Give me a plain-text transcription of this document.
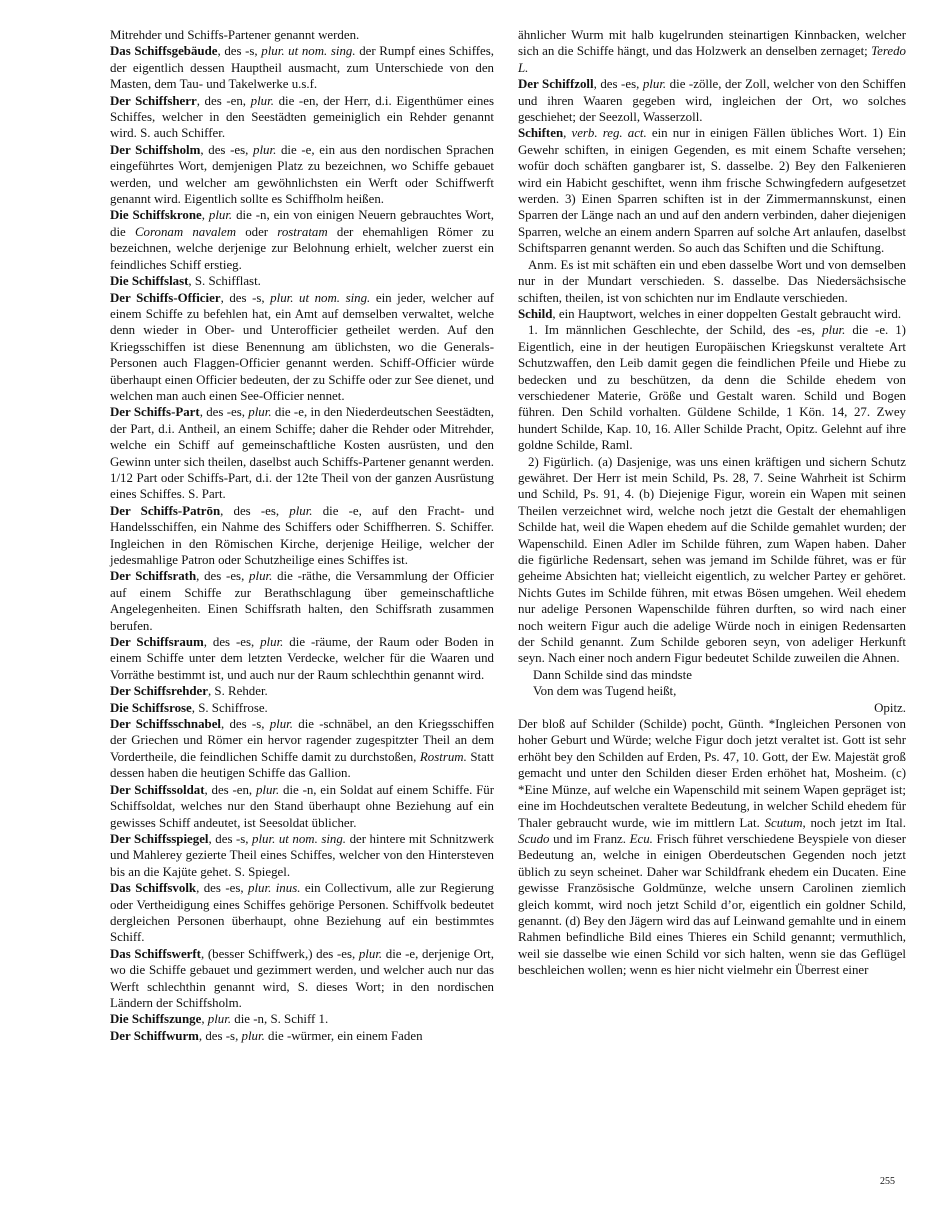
Mitrehder und Schiffs-Partener genannt werden.

Das Schiffsgebäude, des -s, plur. ut nom. sing. der Rumpf eines Schiffes, der eigentlich dessen Hauptheil ausmacht, zum Unterschiede von den Masten, dem Tau- und Takelwerke u.s.f.

Der Schiffsherr, des -en, plur. die -en, der Herr, d.i. Eigenthümer eines Schiffes, welcher in den Seestädten gemeiniglich ein Rehder genannt wird. S. auch Schiffer.

Der Schiffsholm, des -es, plur. die -e, ein aus den nordischen Sprachen eingeführtes Wort, demjenigen Platz zu bezeichnen, wo Schiffe gebauet werden, und welcher am gewöhnlichsten ein Werft oder Schiffwerft genannt wird. Eigentlich sollte es Schiffholm heißen.

Die Schiffskrone, plur. die -n, ein von einigen Neuern gebrauchtes Wort, die Coronam navalem oder rostratam der ehemahligen Römer zu bezeichnen, welche derjenige zur Belohnung erhielt, welcher zuerst ein feindliches Schiff erstieg.

Die Schiffslast, S. Schifflast.

Der Schiffs-Officier, des -s, plur. ut nom. sing. ein jeder, welcher auf einem Schiffe zu befehlen hat, ein Amt auf demselben verwaltet, welche denn wieder in Ober- und Unterofficier getheilet werden. Auf den Kriegsschiffen ist diese Benennung am üblichsten, wo die Generals-Personen auch Flaggen-Officier genannt werden. Schiff-Officier würde überhaupt einen Officier bedeuten, der zu Schiffe oder zur See dienet, und welchen man auch einen See-Officier nennet.

Der Schiffs-Part, des -es, plur. die -e, in den Niederdeutschen Seestädten, der Part, d.i. Antheil, an einem Schiffe; daher die Rehder oder Mitrehder, welche ein Schiff auf gemeinschaftliche Kosten ausrüsten, und den Gewinn unter sich theilen, daselbst auch Schiffs-Partener genannt werden. 1/12 Part oder Schiffs-Part, d.i. der 12te Theil von der ganzen Ausrüstung eines Schiffes. S. Part.

Der Schiffs-Patrōn, des -es, plur. die -e, auf den Fracht- und Handelsschiffen, ein Nahme des Schiffers oder Schiffherren. S. Schiffer. Ingleichen in den Römischen Kirche, derjenige Heilige, welcher der jedesmahlige Patron oder Schutzheilige eines Schiffes ist.

Der Schiffsrath, des -es, plur. die -räthe, die Versammlung der Officier auf einem Schiffe zur Berathschlagung über gemeinschaftliche Angelegenheiten. Einen Schiffsrath halten, den Schiffsrath zusammen berufen.

Der Schiffsraum, des -es, plur. die -räume, der Raum oder Boden in einem Schiffe unter dem letzten Verdecke, welcher für die Waaren und Vorräthe bestimmt ist, und auch nur der Raum schlechthin genannt wird.

Der Schiffsrehder, S. Rehder.

Die Schiffsrose, S. Schiffrose.

Der Schiffsschnabel, des -s, plur. die -schnäbel, an den Kriegsschiffen der Griechen und Römer ein hervor ragender zugespitzter Theil an dem Vordertheile, die feindlichen Schiffe damit zu durchstoßen, Rostrum. Statt dessen haben die heutigen Schiffe das Gallion.

Der Schiffssoldat, des -en, plur. die -n, ein Soldat auf einem Schiffe. Für Schiffsoldat, welches nur den Stand überhaupt ohne Beziehung auf ein gewisses Schiff andeutet, ist Seesoldat üblicher.

Der Schiffsspiegel, des -s, plur. ut nom. sing. der hintere mit Schnitzwerk und Mahlerey gezierte Theil eines Schiffes, welcher von den Hintersteven bis an die Kajüte gehet. S. Spiegel.

Das Schiffsvolk, des -es, plur. inus. ein Collectivum, alle zur Regierung oder Vertheidigung eines Schiffes gehörige Personen. Schiffvolk bedeutet dergleichen Personen überhaupt, ohne Beziehung auf ein bestimmtes Schiff.

Das Schiffswerft, (besser Schiffwerk,) des -es, plur. die -e, derjenige Ort, wo die Schiffe gebauet und gezimmert werden, und welcher auch nur das Werft schlechthin genannt wird, S. dieses Wort; in den nordischen Ländern der Schiffsholm.

Die Schiffszunge, plur. die -n, S. Schiff 1.

Der Schiffwurm, des -s, plur. die -würmer, ein einem Faden

ähnlicher Wurm mit halb kugelrunden steinartigen Kinnbacken, welcher sich an die Schiffe hängt, und das Holzwerk an denselben zernaget; Teredo L.

Der Schiffzoll, des -es, plur. die -zölle, der Zoll, welcher von den Schiffen und ihren Waaren gegeben wird, ingleichen der Ort, wo solches geschiehet; der Seezoll, Wasserzoll.

Schiften, verb. reg. act. ein nur in einigen Fällen übliches Wort. 1) Ein Gewehr schiften, in einigen Gegenden, es mit einem Schafte versehen; wofür doch schäften gangbarer ist, S. dasselbe. 2) Bey den Falkenieren wird ein Habicht geschiftet, wenn ihm frische Schwingfedern aufgesetzet werden. 3) Einen Sparren schiften ist in der Zimmermannskunst, einen Sparren der Länge nach an und auf den andern verbinden, daher diejenigen Sparren, welche an einem andern Sparren auf solche Art anlaufen, daselbst Schiftsparren genannt werden. So auch das Schiften und die Schiftung.

Anm. Es ist mit schäften ein und eben dasselbe Wort und von demselben nur in der Mundart verschieden. S. dasselbe. Das Niedersächsische schiften, theilen, ist von schichten nur im Endlaute verschieden.

Schild, ein Hauptwort, welches in einer doppelten Gestalt gebraucht wird.

1. Im männlichen Geschlechte, der Schild, des -es, plur. die -e. 1) Eigentlich, eine in der heutigen Europäischen Kriegskunst veraltete Art Schutzwaffen, den Leib damit gegen die feindlichen Pfeile und Hiebe zu bedecken und zu beschützen, da denn die Schilde ehedem von verschiedener Materie, Größe und Gestalt waren. Schild und Bogen führen. Den Schild vorhalten. Güldene Schilde, 1 Kön. 14, 27. Zwey hundert Schilde, Kap. 10, 16. Aller Schilde Pracht, Opitz. Gelehnt auf ihre goldne Schilde, Raml.

2) Figürlich. (a) Dasjenige, was uns einen kräftigen und sichern Schutz gewähret. Der Herr ist mein Schild, Ps. 28, 7. Seine Wahrheit ist Schirm und Schild, Ps. 91, 4. (b) Diejenige Figur, worein ein Wapen mit seinen Theilen verzeichnet wird, welche noch jetzt die Gestalt der ehemahligen Schilde hat, weil die Wapen ehedem auf die Schilde gemahlet wurden; der Wapenschild. Einen Adler im Schilde führen, zum Wapen haben. Daher die figürliche Redensart, sehen was jemand im Schilde führet, was er für geheime Absichten hat; vielleicht eigentlich, zu welcher Partey er gehöret. Nichts Gutes im Schilde führen, mit etwas Bösen umgehen. Weil ehedem nur adelige Personen Wapenschilde führen durften, so wird nach einer noch weitern Figur auch die adelige Würde noch in einigen Redensarten der Schild genannt. Zum Schilde geboren seyn, von adeliger Herkunft seyn. Nach einer noch andern Figur bedeutet Schilde zuweilen die Ahnen.

Dann Schilde sind das mindste

Von dem was Tugend heißt,

Opitz.

Der bloß auf Schilder (Schilde) pocht, Günth. *Ingleichen Personen von hoher Geburt und Würde; welche Figur doch jetzt veraltet ist. Gott ist sehr erhöht bey den Schilden auf Erden, Ps. 47, 10. Gott, der Ew. Majestät groß gemacht und unter den Schilden dieser Erden erhöhet hat, Mosheim. (c) *Eine Münze, auf welche ein Wapenschild mit seinem Wapen gepräget ist; eine im Hochdeutschen veraltete Bedeutung, in welcher Schild ehedem für Thaler gebraucht wurde, wie im mittlern Lat. Scutum, noch jetzt im Ital. Scudo und im Franz. Ecu. Frisch führet verschiedene Beyspiele von dieser Bedeutung an, welche in einigen Oberdeutschen Gegenden noch jetzt üblich zu seyn scheinet. Daher war Schildfrank ehedem ein Ducaten. Eine gewisse Französische Goldmünze, welche unsern Carolinen ziemlich gleich kommt, wird noch jetzt Schild d’or, eigentlich ein goldner Schild, genannt. (d) Bey den Jägern wird das auf Leinwand gemahlte und in einem Rahmen befindliche Bild eines Thieres ein Schild genannt; vermuthlich, weil sie dasselbe wie einen Schild vor sich halten, wenn sie das Geflügel beschleichen wollen; wenn es hier nicht vielmehr ein Überrest einer

255
